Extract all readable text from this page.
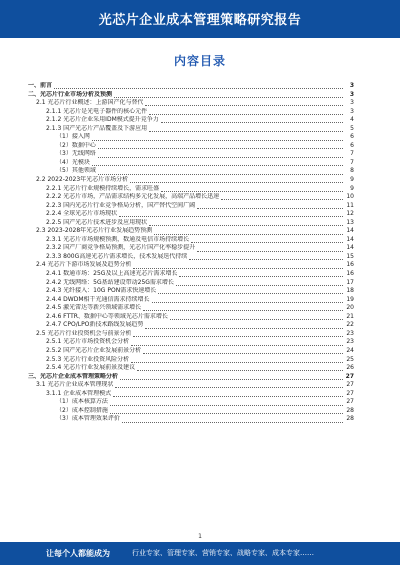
光芯片企业成本管理策略研究报告
内容目录
一、前言	3
二、光芯片行业市场分析及预测	3
2.1 光芯片行业概述：上游国产化与替代	3
2.1.1 光芯片是光电子器件的核心元件	3
2.1.2 光芯片企业采用IDM模式提升竞争力	4
2.1.3 国产光芯片产品覆盖及下游应用	5
（1）接入网	6
（2）数据中心	6
（3）无线网络	7
（4）光模块	7
（5）其他领域	8
2.2 2022-2023年光芯片市场分析	9
2.2.1 光芯片行业规模持续增长，需求旺盛	9
2.2.2 光芯片市场，产品需求结构多元化发展，高端产品增长迅速	10
2.2.3 国内光芯片行业竞争格局分析，国产替代空间广阔	11
2.2.4 全球光芯片市场现状	12
2.2.5 国产光芯片技术进步及应用现状	13
2.3 2023-2028年光芯片行业发展趋势预测	14
2.3.1 光芯片市场规模预测，数通及电信市场持续增长	14
2.3.2 国产厂商竞争格局预测，光芯片国产化率稳步提升	14
2.3.3 800G高速光芯片需求增长，技术发展迭代持续	15
2.4 光芯片下游市场发展及趋势分析	16
2.4.1 数通市场：25G及以上高速光芯片需求增长	16
2.4.2 无线网络：5G基站建设带动25G需求增长	17
2.4.3 光纤接入：10G PON需求快速增长	18
2.4.4 DWDM相干光通信需求持续增长	19
2.4.5 激光雷达等新兴领域需求增长	20
2.4.6 FTTR、数据中心等领域光芯片需求增长	21
2.4.7 CPO/LPO新技术路线发展趋势	22
2.5 光芯片行业投资机会与前景分析	23
2.5.1 光芯片市场投资机会分析	23
2.5.2 国产光芯片企业发展前景分析	24
2.5.3 光芯片行业投资风险分析	25
2.5.4 光芯片行业发展前景及建议	26
三、光芯片企业成本管理策略分析	27
3.1 光芯片企业成本管理现状	27
3.1.1 企业成本管理模式	27
（1）成本核算方法	27
（2）成本控制措施	28
（3）成本管理效果评价	28
1
让每个人都能成为	行业专家、管理专家、营销专家、战略专家、成本专家……
